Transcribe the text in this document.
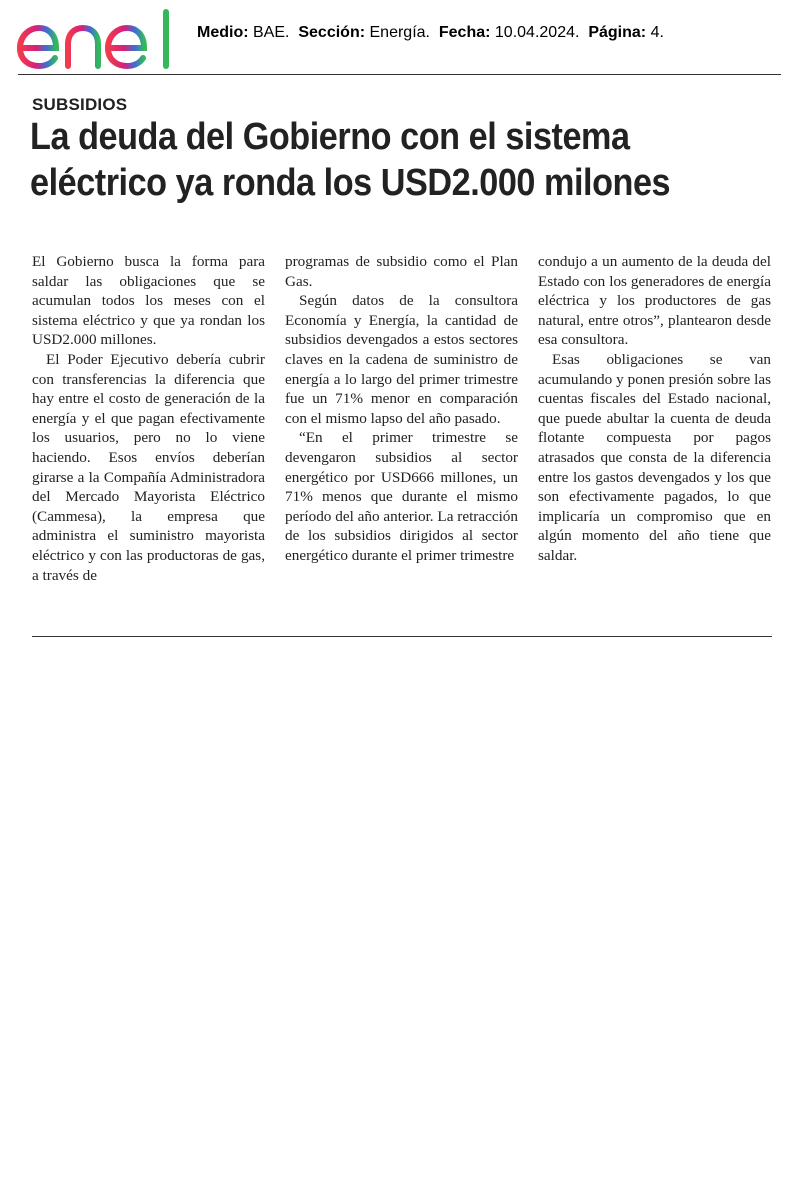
Medio: BAE. Sección: Energía. Fecha: 10.04.2024. Página: 4.
SUBSIDIOS
La deuda del Gobierno con el sistema eléctrico ya ronda los USD2.000 milones

El Gobierno busca la forma para saldar las obligaciones que se acumulan todos los meses con el sistema eléctrico y que ya rondan los USD2.000 millones.

El Poder Ejecutivo debería cubrir con transferencias la diferencia que hay entre el costo de generación de la energía y el que pagan efectivamente los usuarios, pero no lo viene haciendo. Esos envíos deberían girarse a la Compañía Administradora del Mercado Mayorista Eléctrico (Cammesa), la empresa que administra el suministro mayorista eléctrico y con las productoras de gas, a través de

programas de subsidio como el Plan Gas.

Según datos de la consultora Economía y Energía, la cantidad de subsidios devengados a estos sectores claves en la cadena de suministro de energía a lo largo del primer trimestre fue un 71% menor en comparación con el mismo lapso del año pasado.

“En el primer trimestre se devengaron subsidios al sector energético por USD666 millones, un 71% menos que durante el mismo período del año anterior. La retracción de los subsidios dirigidos al sector energético durante el primer trimestre

condujo a un aumento de la deuda del Estado con los generadores de energía eléctrica y los productores de gas natural, entre otros”, plantearon desde esa consultora.

Esas obligaciones se van acumulando y ponen presión sobre las cuentas fiscales del Estado nacional, que puede abultar la cuenta de deuda flotante compuesta por pagos atrasados que consta de la diferencia entre los gastos devengados y los que son efectivamente pagados, lo que implicaría un compromiso que en algún momento del año tiene que saldar.
